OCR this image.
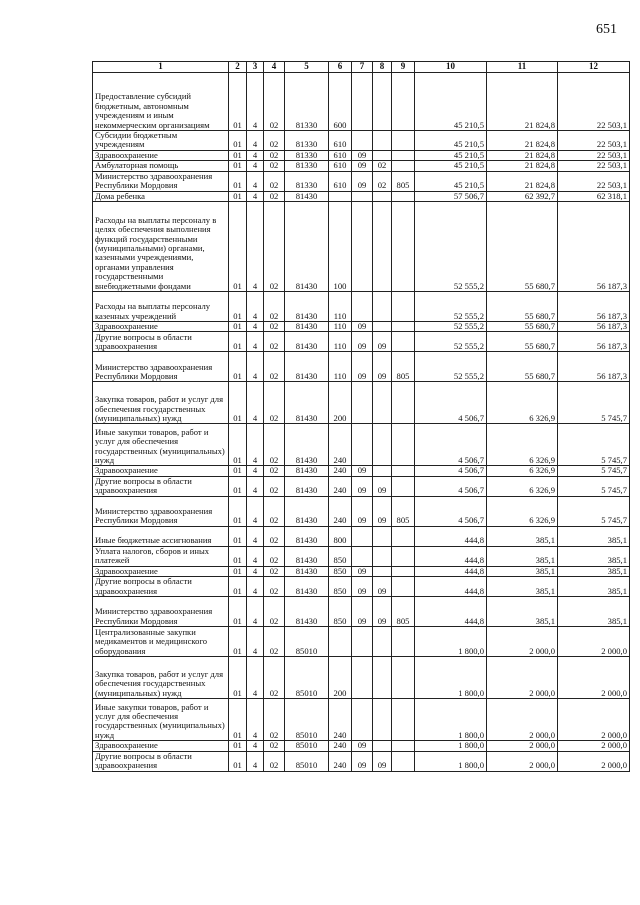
651
1	2	3	4	5	6	7	8	9	10	11	12
Предоставление субсидий бюджетным, автономным учреждениям и иным некоммерческим организациям	01	4	02	81330	600				45 210,5	21 824,8	22 503,1
Субсидии бюджетным учреждениям	01	4	02	81330	610				45 210,5	21 824,8	22 503,1
Здравоохранение	01	4	02	81330	610	09			45 210,5	21 824,8	22 503,1
Амбулаторная помощь	01	4	02	81330	610	09	02		45 210,5	21 824,8	22 503,1
Министерство здравоохранения Республики Мордовия	01	4	02	81330	610	09	02	805	45 210,5	21 824,8	22 503,1
Дома ребенка	01	4	02	81430					57 506,7	62 392,7	62 318,1
Расходы на выплаты персоналу в целях обеспечения выполнения функций государственными (муниципальными) органами, казенными учреждениями, органами управления государственными внебюджетными фондами	01	4	02	81430	100				52 555,2	55 680,7	56 187,3
Расходы на выплаты персоналу казенных учреждений	01	4	02	81430	110				52 555,2	55 680,7	56 187,3
Здравоохранение	01	4	02	81430	110	09			52 555,2	55 680,7	56 187,3
Другие вопросы в области здравоохранения	01	4	02	81430	110	09	09		52 555,2	55 680,7	56 187,3
Министерство здравоохранения Республики Мордовия	01	4	02	81430	110	09	09	805	52 555,2	55 680,7	56 187,3
Закупка товаров, работ и услуг для обеспечения государственных (муниципальных) нужд	01	4	02	81430	200				4 506,7	6 326,9	5 745,7
Иные закупки товаров, работ и услуг для обеспечения государственных (муниципальных) нужд	01	4	02	81430	240				4 506,7	6 326,9	5 745,7
Здравоохранение	01	4	02	81430	240	09			4 506,7	6 326,9	5 745,7
Другие вопросы в области здравоохранения	01	4	02	81430	240	09	09		4 506,7	6 326,9	5 745,7
Министерство здравоохранения Республики Мордовия	01	4	02	81430	240	09	09	805	4 506,7	6 326,9	5 745,7
Иные бюджетные ассигнования	01	4	02	81430	800				444,8	385,1	385,1
Уплата налогов, сборов и иных платежей	01	4	02	81430	850				444,8	385,1	385,1
Здравоохранение	01	4	02	81430	850	09			444,8	385,1	385,1
Другие вопросы в области здравоохранения	01	4	02	81430	850	09	09		444,8	385,1	385,1
Министерство здравоохранения Республики Мордовия	01	4	02	81430	850	09	09	805	444,8	385,1	385,1
Централизованные закупки медикаментов и медицинского оборудования	01	4	02	85010					1 800,0	2 000,0	2 000,0
Закупка товаров, работ и услуг для обеспечения государственных (муниципальных) нужд	01	4	02	85010	200				1 800,0	2 000,0	2 000,0
Иные закупки товаров, работ и услуг для обеспечения государственных (муниципальных) нужд	01	4	02	85010	240				1 800,0	2 000,0	2 000,0
Здравоохранение	01	4	02	85010	240	09			1 800,0	2 000,0	2 000,0
Другие вопросы в области здравоохранения	01	4	02	85010	240	09	09		1 800,0	2 000,0	2 000,0
